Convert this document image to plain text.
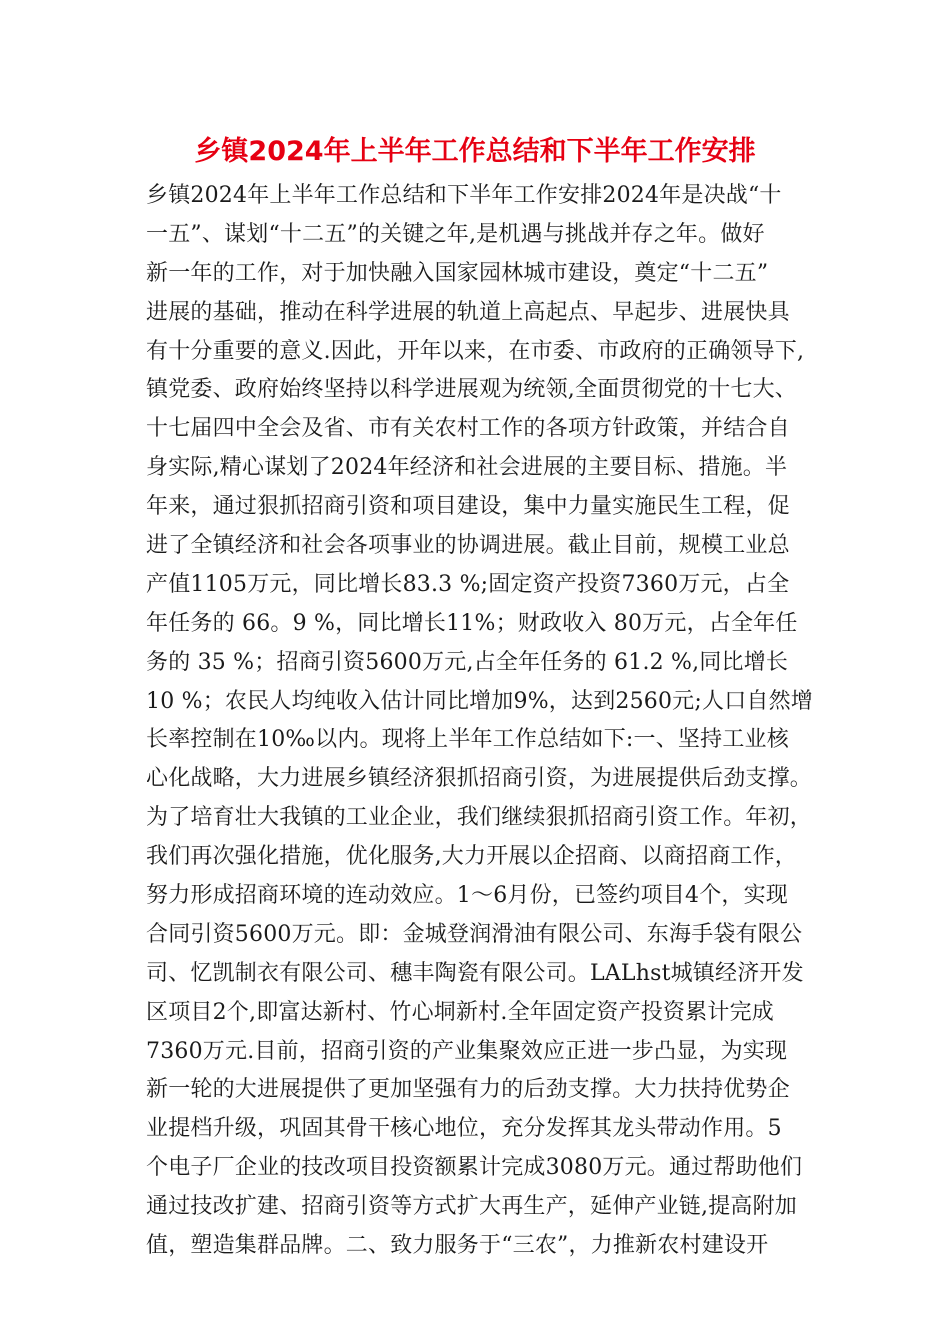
乡镇2024年上半年工作总结和下半年工作安排
乡镇2024年上半年工作总结和下半年工作安排2024年是决战“十
一五”、谋划“十二五”的关键之年,是机遇与挑战并存之年。做好
新一年的工作，对于加快融入国家园林城市建设，奠定“十二五”
进展的基础，推动在科学进展的轨道上高起点、早起步、进展快具
有十分重要的意义.因此，开年以来，在市委、市政府的正确领导下,
镇党委、政府始终坚持以科学进展观为统领,全面贯彻党的十七大、
十七届四中全会及省、市有关农村工作的各项方针政策，并结合自
身实际,精心谋划了2024年经济和社会进展的主要目标、措施。半
年来，通过狠抓招商引资和项目建设，集中力量实施民生工程，促
进了全镇经济和社会各项事业的协调进展。截止目前，规模工业总
产值1105万元，同比增长83.3 %;固定资产投资7360万元，占全
年任务的 66。9 %，同比增长11%；财政收入 80万元，占全年任
务的 35 %；招商引资5600万元,占全年任务的 61.2 %,同比增长
10 %；农民人均纯收入估计同比增加9%，达到2560元;人口自然增
长率控制在10‰以内。现将上半年工作总结如下:一、坚持工业核
心化战略，大力进展乡镇经济狠抓招商引资，为进展提供后劲支撑。
为了培育壮大我镇的工业企业，我们继续狠抓招商引资工作。年初，
我们再次强化措施，优化服务,大力开展以企招商、以商招商工作，
努力形成招商环境的连动效应。1～6月份，已签约项目4个，实现
合同引资5600万元。即：金城登润滑油有限公司、东海手袋有限公
司、忆凯制衣有限公司、穗丰陶瓷有限公司。LALhst城镇经济开发
区项目2个,即富达新村、竹心垌新村.全年固定资产投资累计完成
7360万元.目前，招商引资的产业集聚效应正进一步凸显，为实现
新一轮的大进展提供了更加坚强有力的后劲支撑。大力扶持优势企
业提档升级，巩固其骨干核心地位，充分发挥其龙头带动作用。5
个电子厂企业的技改项目投资额累计完成3080万元。通过帮助他们
通过技改扩建、招商引资等方式扩大再生产，延伸产业链,提高附加
值，塑造集群品牌。二、致力服务于“三农”，力推新农村建设开
